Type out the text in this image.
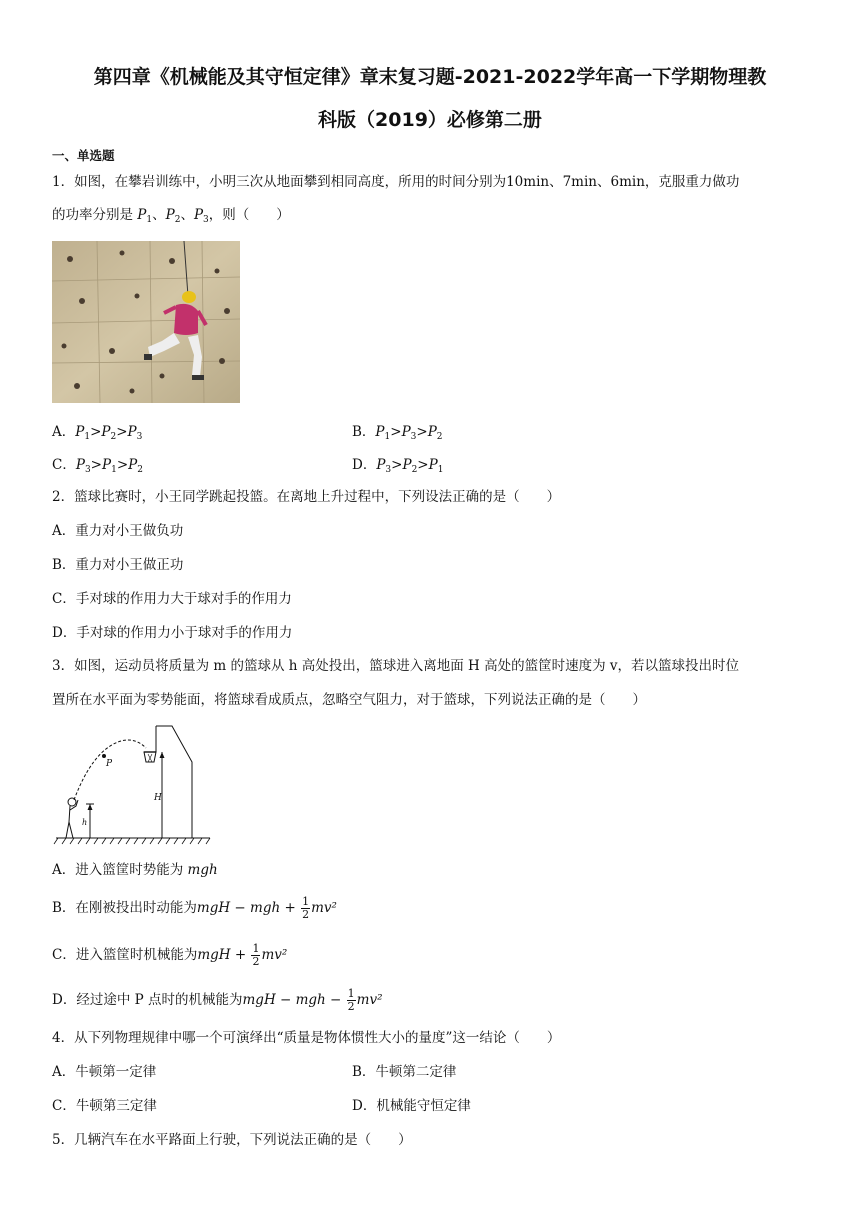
第四章《机械能及其守恒定律》章末复习题-2021-2022学年高一下学期物理教
科版（2019）必修第二册
一、单选题
1．如图，在攀岩训练中，小明三次从地面攀到相同高度，所用的时间分别为10min、7min、6min，克服重力做功
的功率分别是 $P_1$、$P_2$、$P_3$，则（　　）
A．$P_1>P_2>P_3$	B．$P_1>P_3>P_2$
C．$P_3>P_1>P_2$	D．$P_3>P_2>P_1$
2．篮球比赛时，小王同学跳起投篮。在离地上升过程中，下列设法正确的是（　　）
A．重力对小王做负功
B．重力对小王做正功
C．手对球的作用力大于球对手的作用力
D．手对球的作用力小于球对手的作用力
3．如图，运动员将质量为 m 的篮球从 h 高处投出，篮球进入离地面 H 高处的篮筐时速度为 v，若以篮球投出时位
置所在水平面为零势能面，将篮球看成质点，忽略空气阻力，对于篮球，下列说法正确的是（　　）
P
H
h
A．进入篮筐时势能为 mgh
B．在刚被投出时动能为mgH − mgh + $\frac{1}{2} mv^2$
C．进入篮筐时机械能为mgH + $\frac{1}{2} mv^2$
D．经过途中 P 点时的机械能为mgH − mgh − $\frac{1}{2} mv^2$
4．从下列物理规律中哪一个可演绎出“质量是物体惯性大小的量度”这一结论（　　）
A．牛顿第一定律	B．牛顿第二定律
C．牛顿第三定律	D．机械能守恒定律
5．几辆汽车在水平路面上行驶，下列说法正确的是（　　）
